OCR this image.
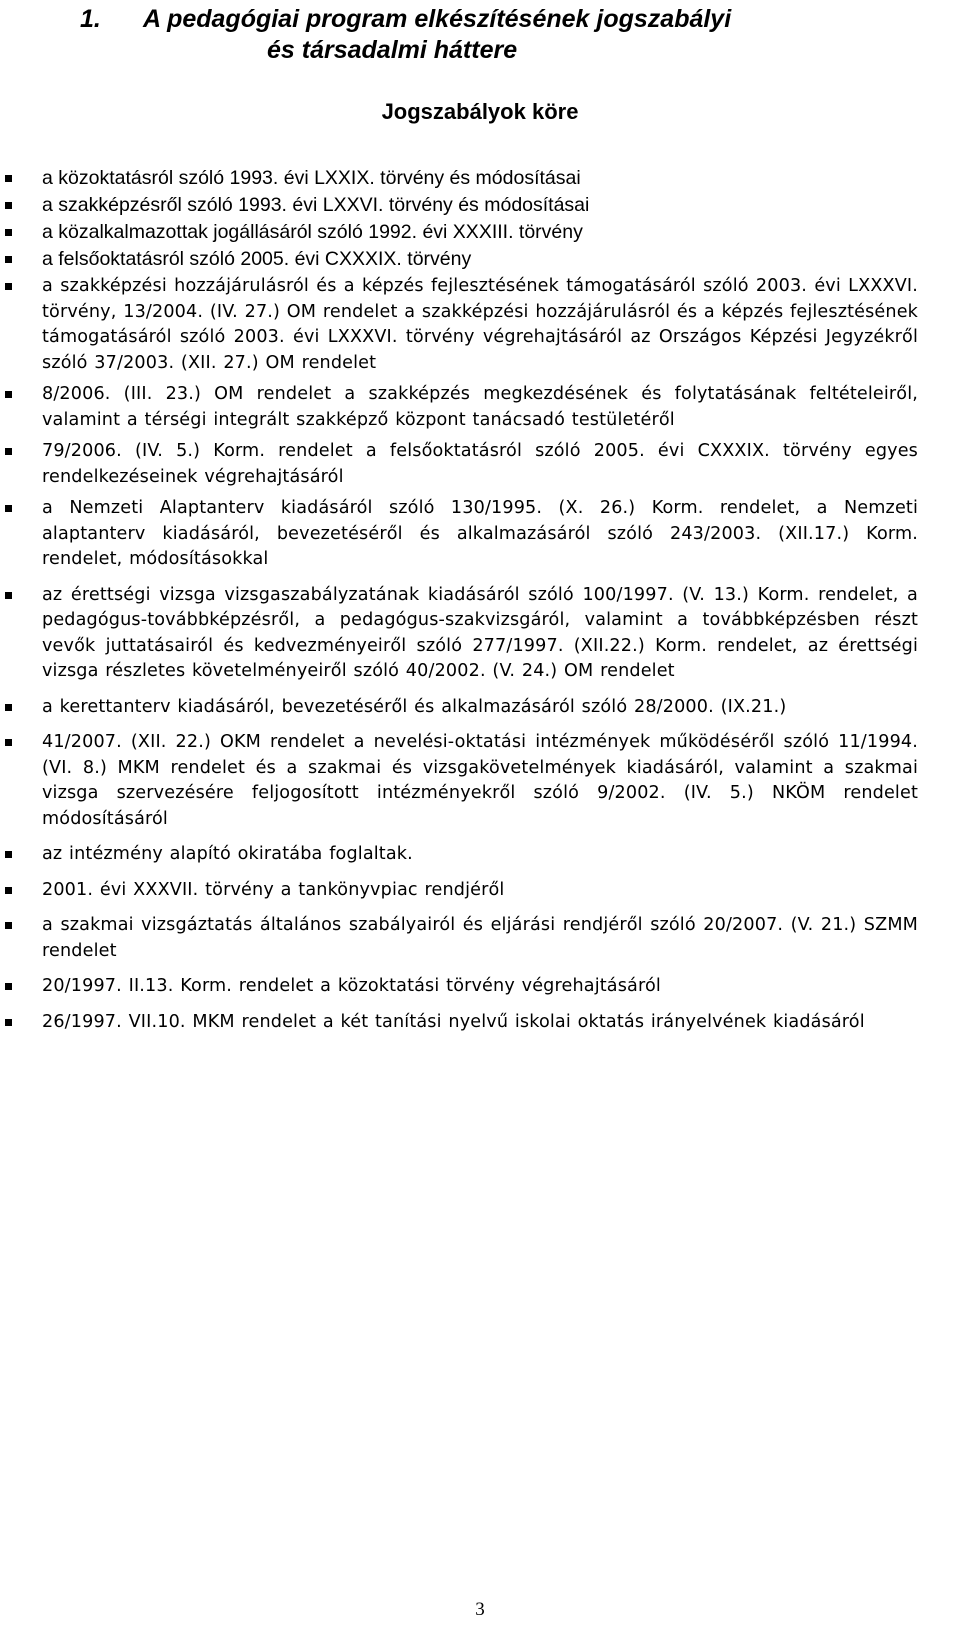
1. A pedagógiai program elkészítésének jogszabályi
és társadalmi háttere
Jogszabályok köre
a közoktatásról szóló 1993. évi LXXIX. törvény és módosításai
a szakképzésről szóló 1993. évi LXXVI. törvény és módosításai
a közalkalmazottak jogállásáról szóló 1992. évi XXXIII. törvény
a felsőoktatásról szóló 2005. évi CXXXIX. törvény
a szakképzési hozzájárulásról és a képzés fejlesztésének támogatásáról szóló 2003. évi LXXXVI. törvény, 13/2004. (IV. 27.) OM rendelet a szakképzési hozzájárulásról és a képzés fejlesztésének támogatásáról szóló 2003. évi LXXXVI. törvény végrehajtásáról az Országos Képzési Jegyzékről szóló 37/2003. (XII. 27.) OM rendelet
8/2006. (III. 23.) OM rendelet a szakképzés megkezdésének és folytatásának feltételeiről, valamint a térségi integrált szakképző központ tanácsadó testületéről
79/2006. (IV. 5.) Korm. rendelet a felsőoktatásról szóló 2005. évi CXXXIX. törvény egyes rendelkezéseinek végrehajtásáról
a Nemzeti Alaptanterv kiadásáról szóló 130/1995. (X. 26.) Korm. rendelet, a Nemzeti alaptanterv kiadásáról, bevezetéséről és alkalmazásáról szóló 243/2003. (XII.17.) Korm. rendelet, módosításokkal
az érettségi vizsga vizsgaszabályzatának kiadásáról szóló 100/1997. (V. 13.) Korm. rendelet, a pedagógus-továbbképzésről, a pedagógus-szakvizsgáról, valamint a továbbképzésben részt vevők juttatásairól és kedvezményeiről szóló 277/1997. (XII.22.) Korm. rendelet, az érettségi vizsga részletes követelményeiről szóló 40/2002. (V. 24.) OM rendelet
a kerettanterv kiadásáról, bevezetéséről és alkalmazásáról szóló 28/2000. (IX.21.)
41/2007. (XII. 22.) OKM rendelet a nevelési-oktatási intézmények működéséről szóló 11/1994. (VI. 8.) MKM rendelet és a szakmai és vizsgakövetelmények kiadásáról, valamint a szakmai vizsga szervezésére feljogosított intézményekről szóló 9/2002. (IV. 5.) NKÖM rendelet módosításáról
az intézmény alapító okiratába foglaltak.
2001. évi XXXVII. törvény a tankönyvpiac rendjéről
a szakmai vizsgáztatás általános szabályairól és eljárási rendjéről szóló 20/2007. (V. 21.) SZMM rendelet
20/1997. II.13. Korm. rendelet a közoktatási törvény végrehajtásáról
26/1997. VII.10. MKM rendelet a két tanítási nyelvű iskolai oktatás irányelvének kiadásáról
3
